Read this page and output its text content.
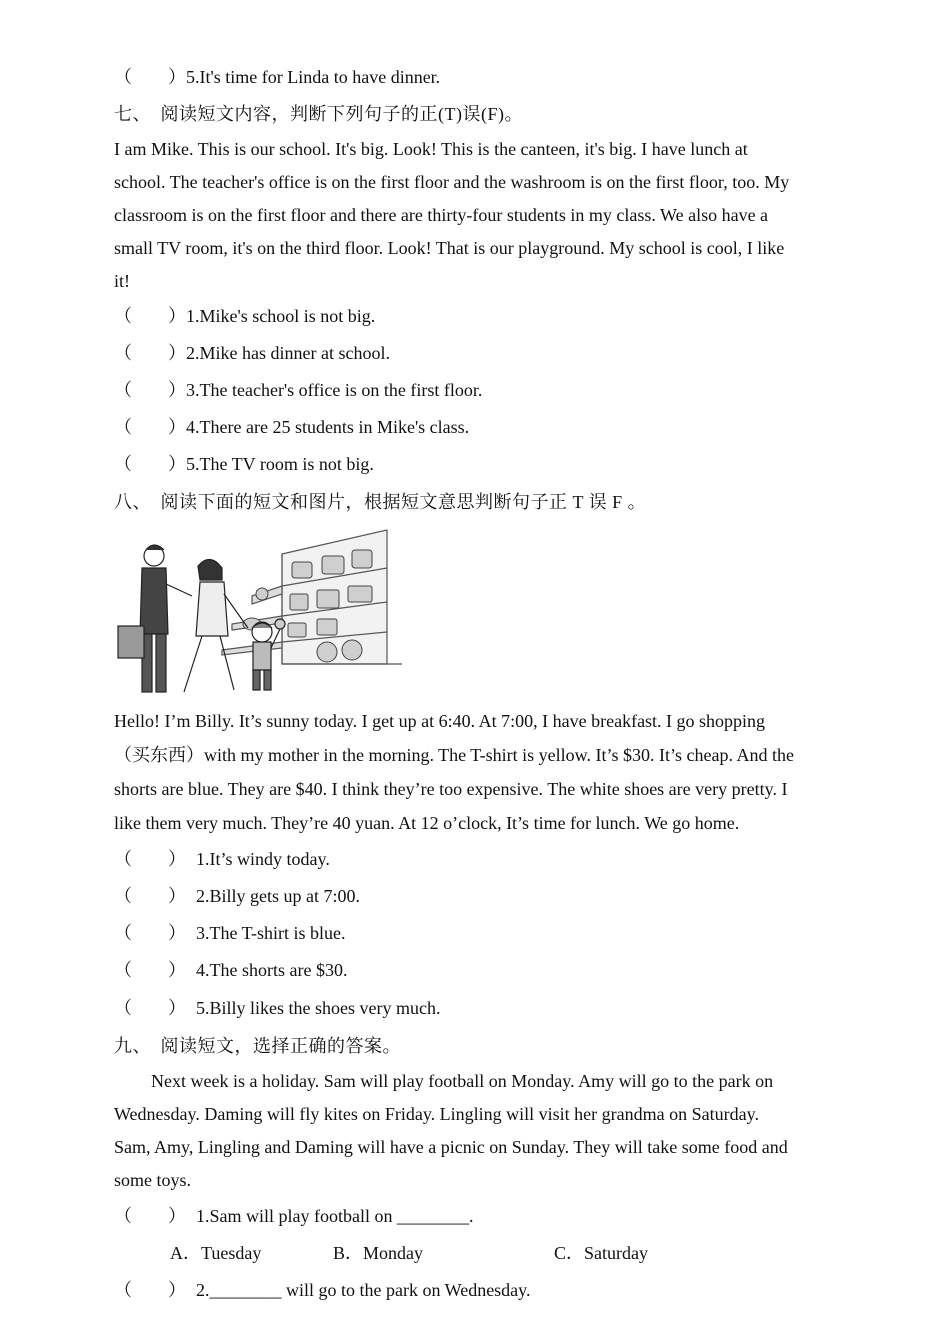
（　　）5.It's time for Linda to have dinner.
七、　阅读短文内容，判断下列句子的正(T)误(F)。
I am Mike. This is our school. It's big. Look! This is the canteen, it's big. I have lunch at
school. The teacher's office is on the first floor and the washroom is on the first floor, too. My
classroom is on the first floor and there are thirty-four students in my class. We also have a
small TV room, it's on the third floor. Look! That is our playground. My school is cool, I like
it!
（　　）1.Mike's school is not big.
（　　）2.Mike has dinner at school.
（　　）3.The teacher's office is on the first floor.
（　　）4.There are 25 students in Mike's class.
（　　）5.The TV room is not big.
八、　阅读下面的短文和图片，根据短文意思判断句子正 T 误 F 。
Hello! I’m Billy. It’s sunny today. I get up at 6:40. At 7:00, I have breakfast. I go shopping
（买东西）with my mother in the morning. The T-shirt is yellow. It’s $30. It’s cheap. And the
shorts are blue. They are $40. I think they’re too expensive. The white shoes are very pretty. I
like them very much. They’re 40 yuan. At 12 o’clock, It’s time for lunch. We go home.
（　　） 1.It’s windy today.
（　　） 2.Billy gets up at 7:00.
（　　） 3.The T-shirt is blue.
（　　） 4.The shorts are $30.
（　　） 5.Billy likes the shoes very much.
九、　阅读短文，选择正确的答案。
Next week is a holiday. Sam will play football on Monday. Amy will go to the park on
Wednesday. Daming will fly kites on Friday. Lingling will visit her grandma on Saturday.
Sam, Amy, Lingling and Daming will have a picnic on Sunday. They will take some food and
some toys.
（　　） 1.Sam will play football on ________.
A．Tuesday	B．Monday	C．Saturday
（　　） 2.________ will go to the park on Wednesday.
